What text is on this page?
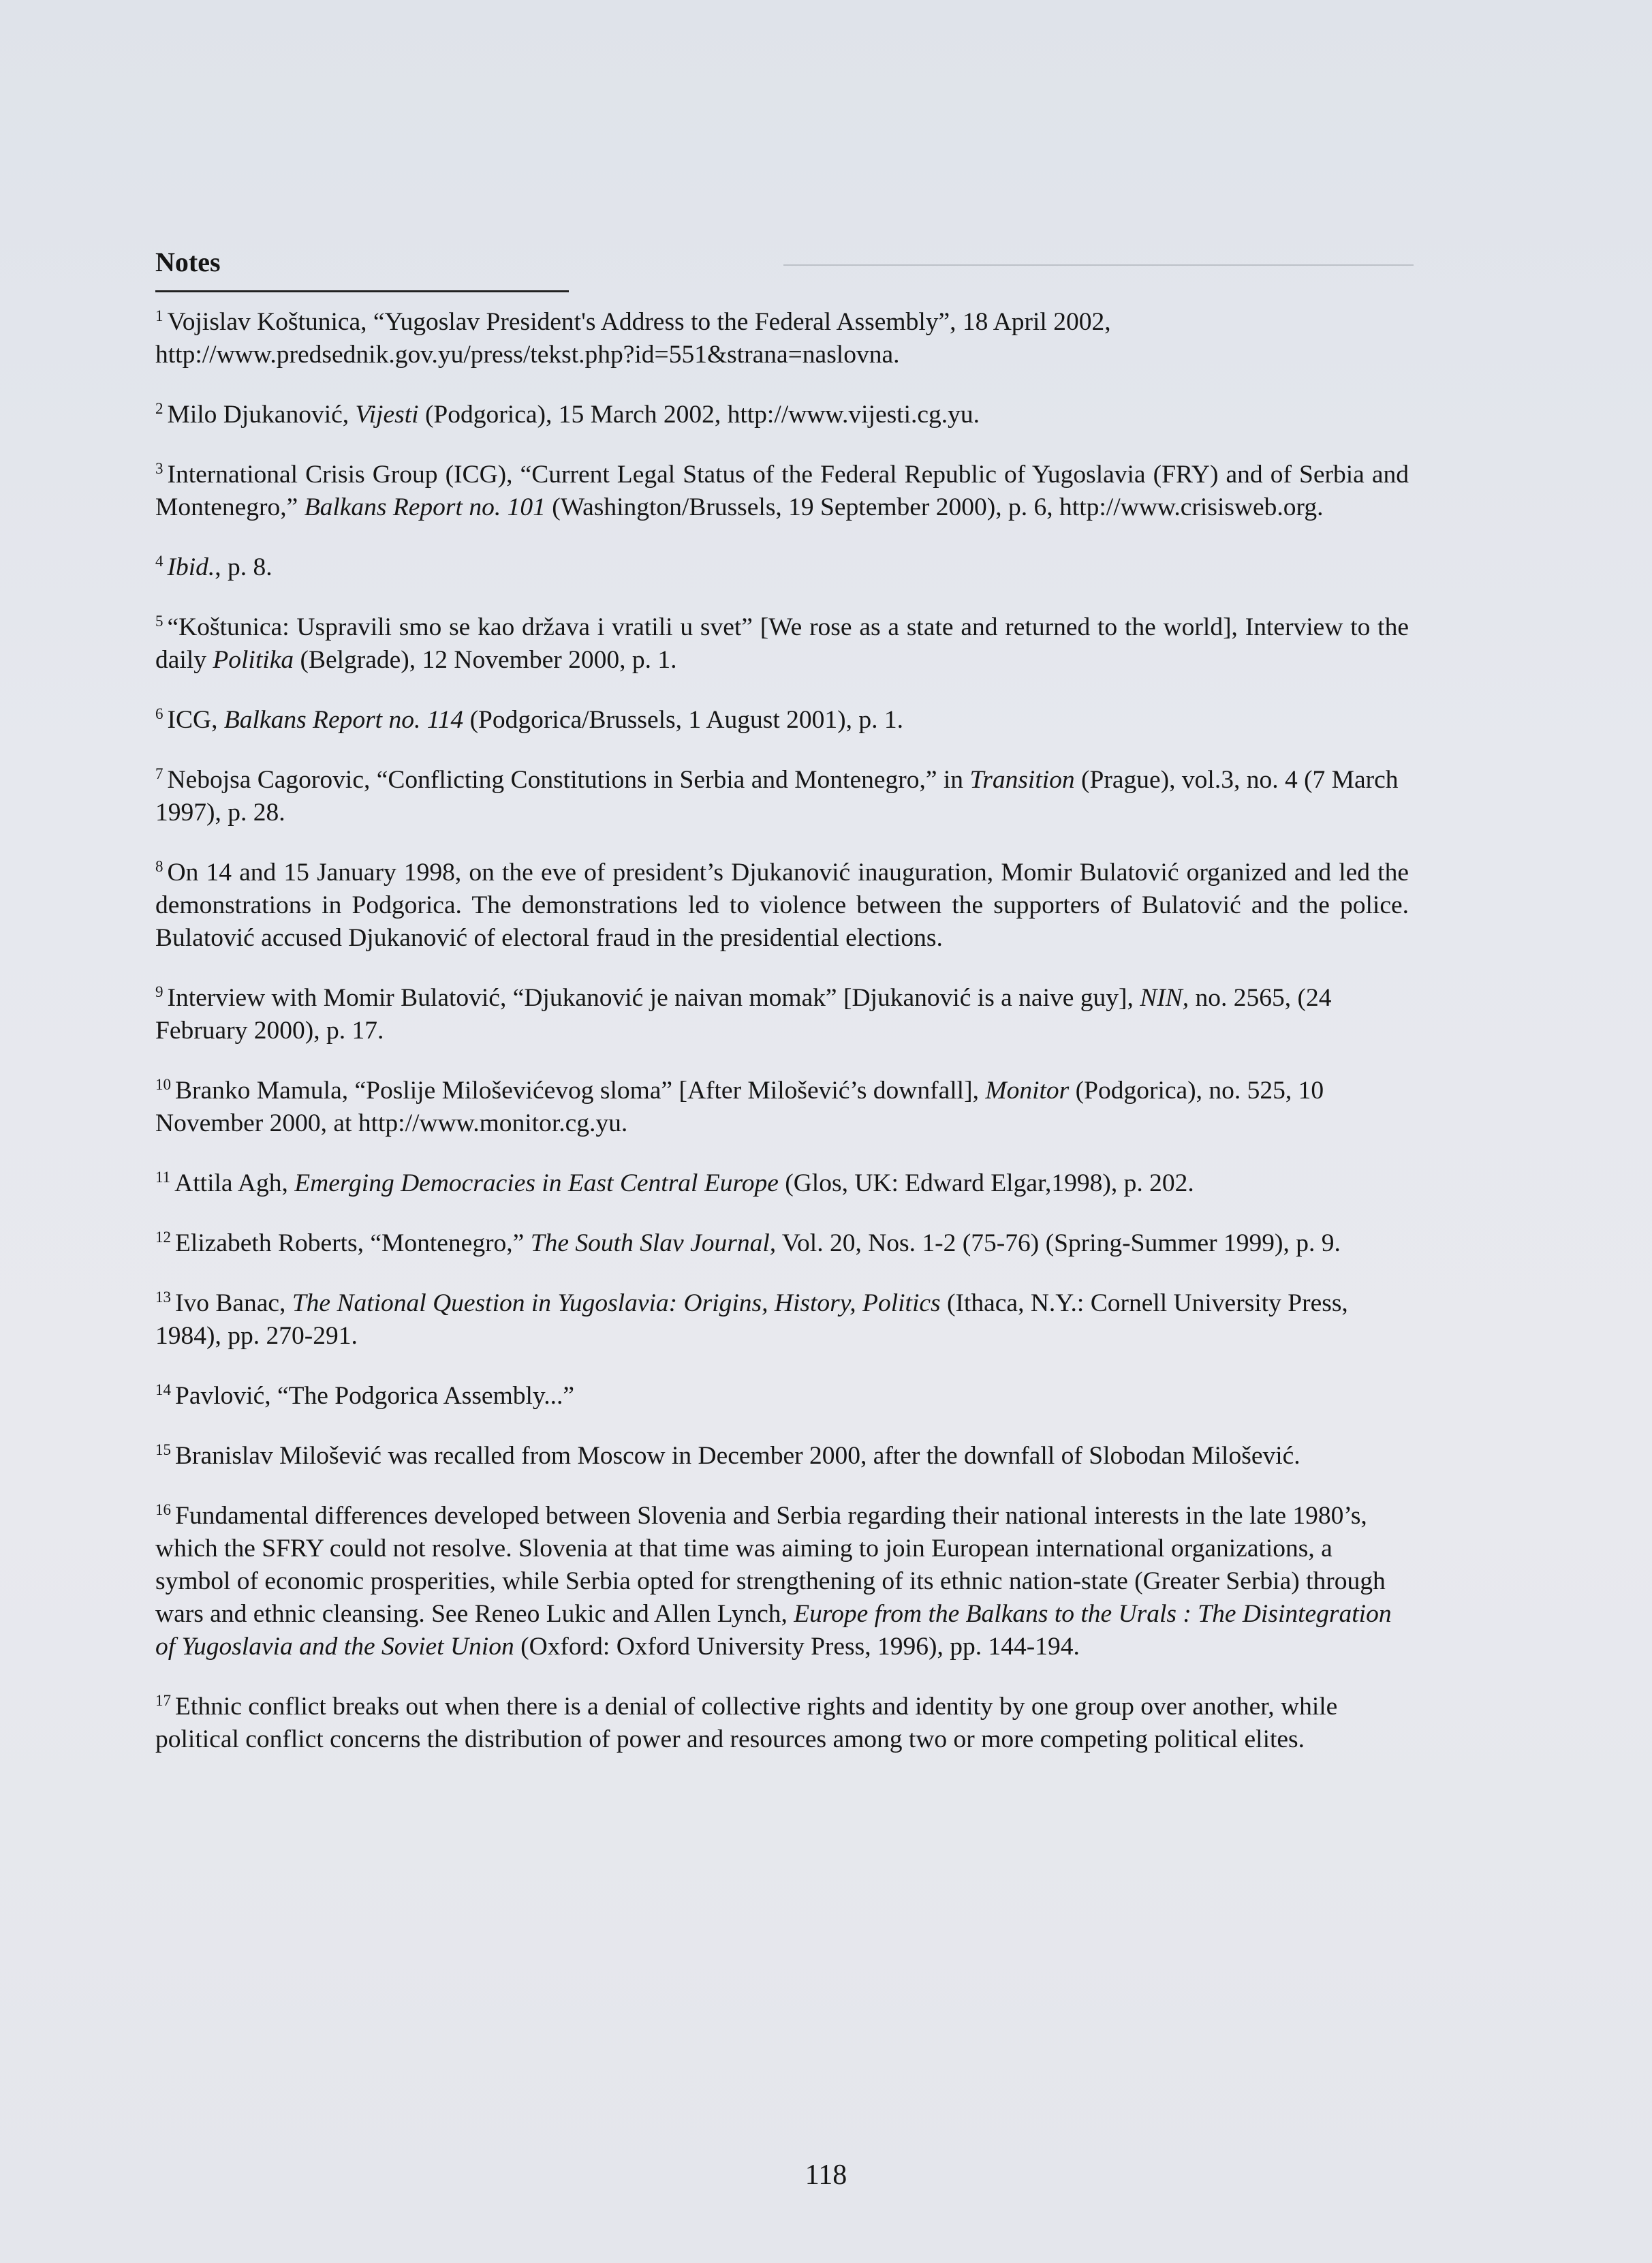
Notes

$^1$ Vojislav Koštunica, “Yugoslav President's Address to the Federal Assembly”, 18 April 2002, http://www.predsednik.gov.yu/press/tekst.php?id=551&strana=naslovna.

$^2$ Milo Djukanović, Vijesti (Podgorica), 15 March 2002, http://www.vijesti.cg.yu.

$^3$ International Crisis Group (ICG), “Current Legal Status of the Federal Republic of Yugoslavia (FRY) and of Serbia and Montenegro,” Balkans Report no. 101 (Washington/Brussels, 19 September 2000), p. 6, http://www.crisisweb.org.

$^4$ Ibid., p. 8.

$^5$ “Koštunica: Uspravili smo se kao država i vratili u svet” [We rose as a state and returned to the world], Interview to the daily Politika (Belgrade), 12 November 2000, p. 1.

$^6$ ICG, Balkans Report no. 114 (Podgorica/Brussels, 1 August 2001), p. 1.

$^7$ Nebojsa Cagorovic, “Conflicting Constitutions in Serbia and Montenegro,” in Transition (Prague), vol.3, no. 4 (7 March 1997), p. 28.

$^8$ On 14 and 15 January 1998, on the eve of president’s Djukanović inauguration, Momir Bulatović organized and led the demonstrations in Podgorica. The demonstrations led to violence between the supporters of Bulatović and the police. Bulatović accused Djukanović of electoral fraud in the presidential elections.

$^9$ Interview with Momir Bulatović, “Djukanović je naivan momak” [Djukanović is a naive guy], NIN, no. 2565, (24 February 2000), p. 17.

$^{10}$ Branko Mamula, “Poslije Miloševićevog sloma” [After Milošević’s downfall], Monitor (Podgorica), no. 525, 10 November 2000, at http://www.monitor.cg.yu.

$^{11}$ Attila Agh, Emerging Democracies in East Central Europe (Glos, UK: Edward Elgar,1998), p. 202.

$^{12}$ Elizabeth Roberts, “Montenegro,” The South Slav Journal, Vol. 20, Nos. 1-2 (75-76) (Spring-Summer 1999), p. 9.

$^{13}$ Ivo Banac, The National Question in Yugoslavia: Origins, History, Politics (Ithaca, N.Y.: Cornell University Press, 1984), pp. 270-291.

$^{14}$ Pavlović, “The Podgorica Assembly...”

$^{15}$ Branislav Milošević was recalled from Moscow in December 2000, after the downfall of Slobodan Milošević.

$^{16}$ Fundamental differences developed between Slovenia and Serbia regarding their national interests in the late 1980’s, which the SFRY could not resolve. Slovenia at that time was aiming to join European international organizations, a symbol of economic prosperities, while Serbia opted for strengthening of its ethnic nation-state (Greater Serbia) through wars and ethnic cleansing. See Reneo Lukic and Allen Lynch, Europe from the Balkans to the Urals : The Disintegration of Yugoslavia and the Soviet Union (Oxford: Oxford University Press, 1996), pp. 144-194.

$^{17}$ Ethnic conflict breaks out when there is a denial of collective rights and identity by one group over another, while political conflict concerns the distribution of power and resources among two or more competing political elites.

118
